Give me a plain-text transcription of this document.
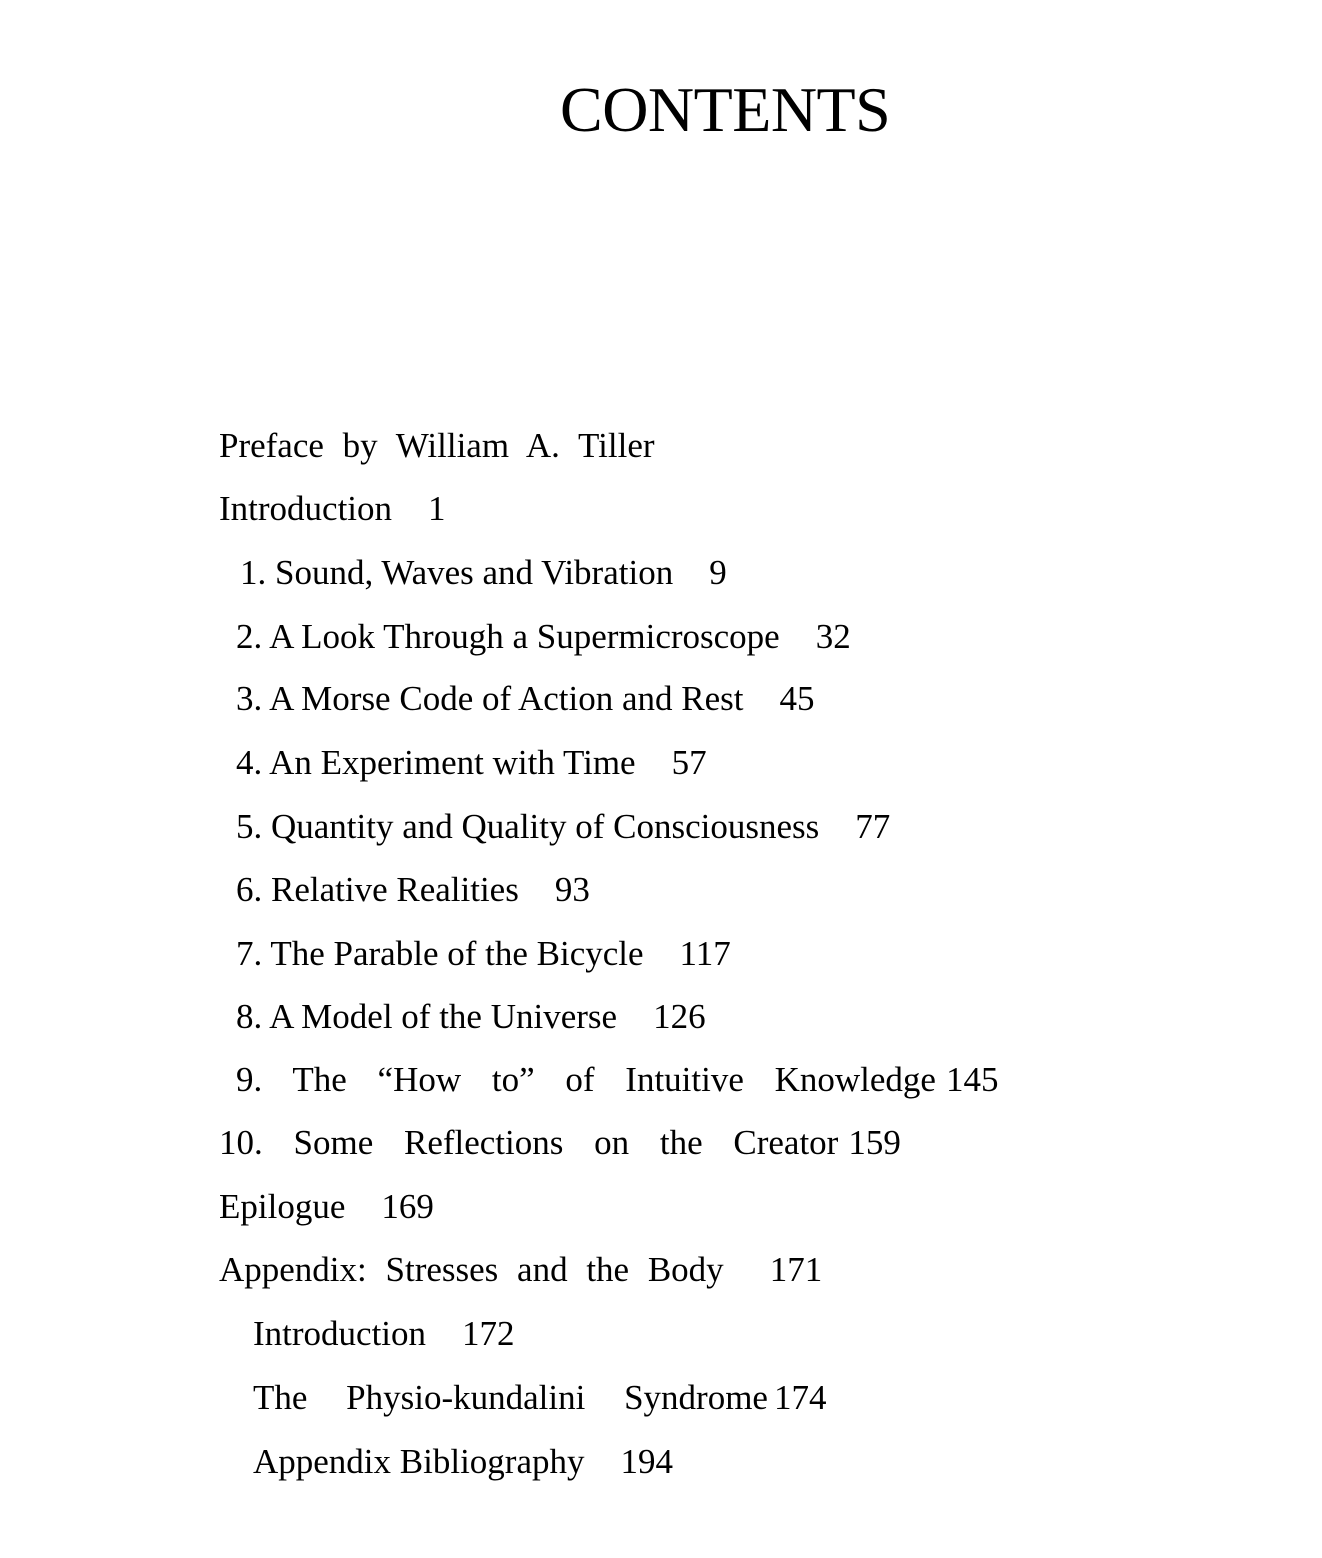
CONTENTS
Preface by William A. Tiller
Introduction 1
1. Sound, Waves and Vibration 9
2. A Look Through a Supermicroscope 32
3. A Morse Code of Action and Rest 45
4. An Experiment with Time 57
5. Quantity and Quality of Consciousness 77
6. Relative Realities 93
7. The Parable of the Bicycle 117
8. A Model of the Universe 126
9. The “How to” of Intuitive Knowledge 145
10. Some Reflections on the Creator 159
Epilogue 169
Appendix: Stresses and the Body 171
Introduction 172
The Physio-kundalini Syndrome 174
Appendix Bibliography 194
